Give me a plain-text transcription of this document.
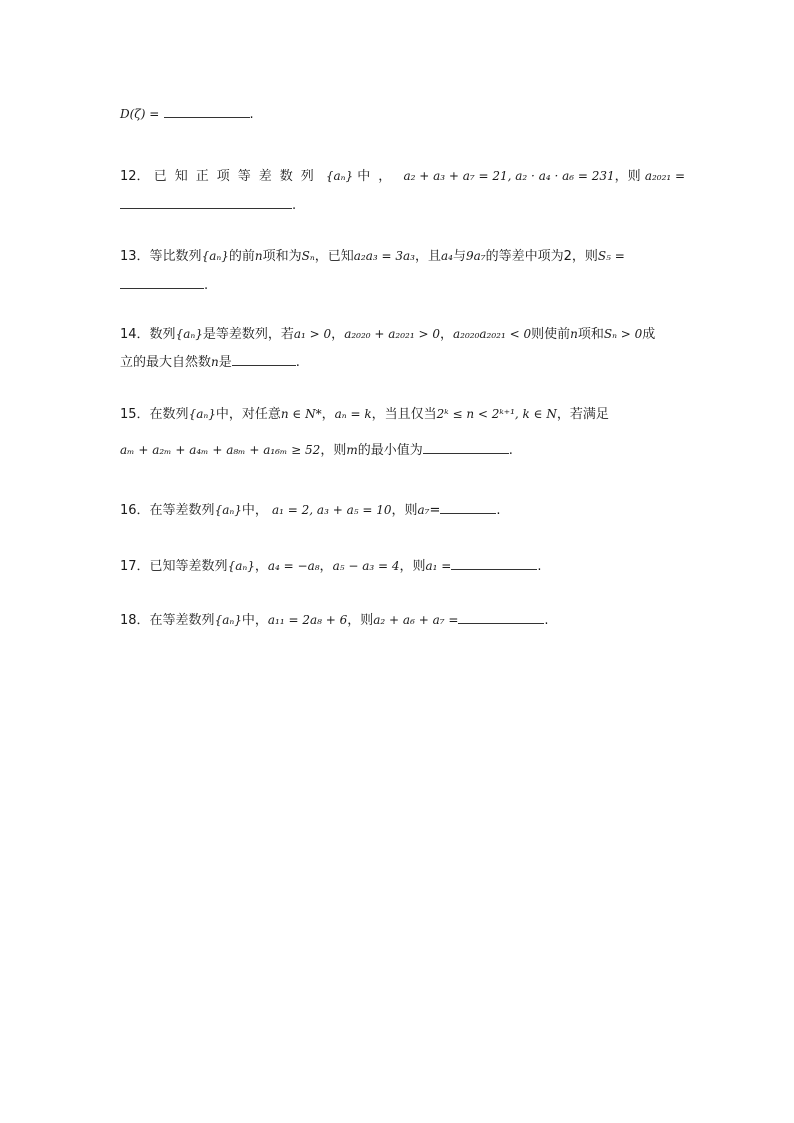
D(ζ) =	.
12． 已知正项等差数列 {aₙ} 中， a₂ + a₃ + a₇ = 21, a₂ · a₄ · a₆ = 231，则 a₂₀₂₁ =
.
13．等比数列{aₙ}的前n项和为Sₙ，已知a₂a₃ = 3a₃，且a₄与9a₇的等差中项为2，则S₅ =
.
14．数列{aₙ}是等差数列，若a₁ > 0，a₂₀₂₀ + a₂₀₂₁ > 0，a₂₀₂₀a₂₀₂₁ < 0则使前n项和Sₙ > 0成
立的最大自然数n是	.
15．在数列{aₙ}中，对任意n ∈ N*，aₙ = k，当且仅当2ᵏ ≤ n < 2ᵏ⁺¹, k ∈ N，若满足
aₘ + a₂ₘ + a₄ₘ + a₈ₘ + a₁₆ₘ ≥ 52，则m的最小值为	.
16．在等差数列{aₙ}中， a₁ = 2, a₃ + a₅ = 10，则a₇=	.
17．已知等差数列{aₙ}，a₄ = −a₈，a₅ − a₃ = 4，则a₁ =	.
18．在等差数列{aₙ}中，a₁₁ = 2a₈ + 6，则a₂ + a₆ + a₇ =	.
